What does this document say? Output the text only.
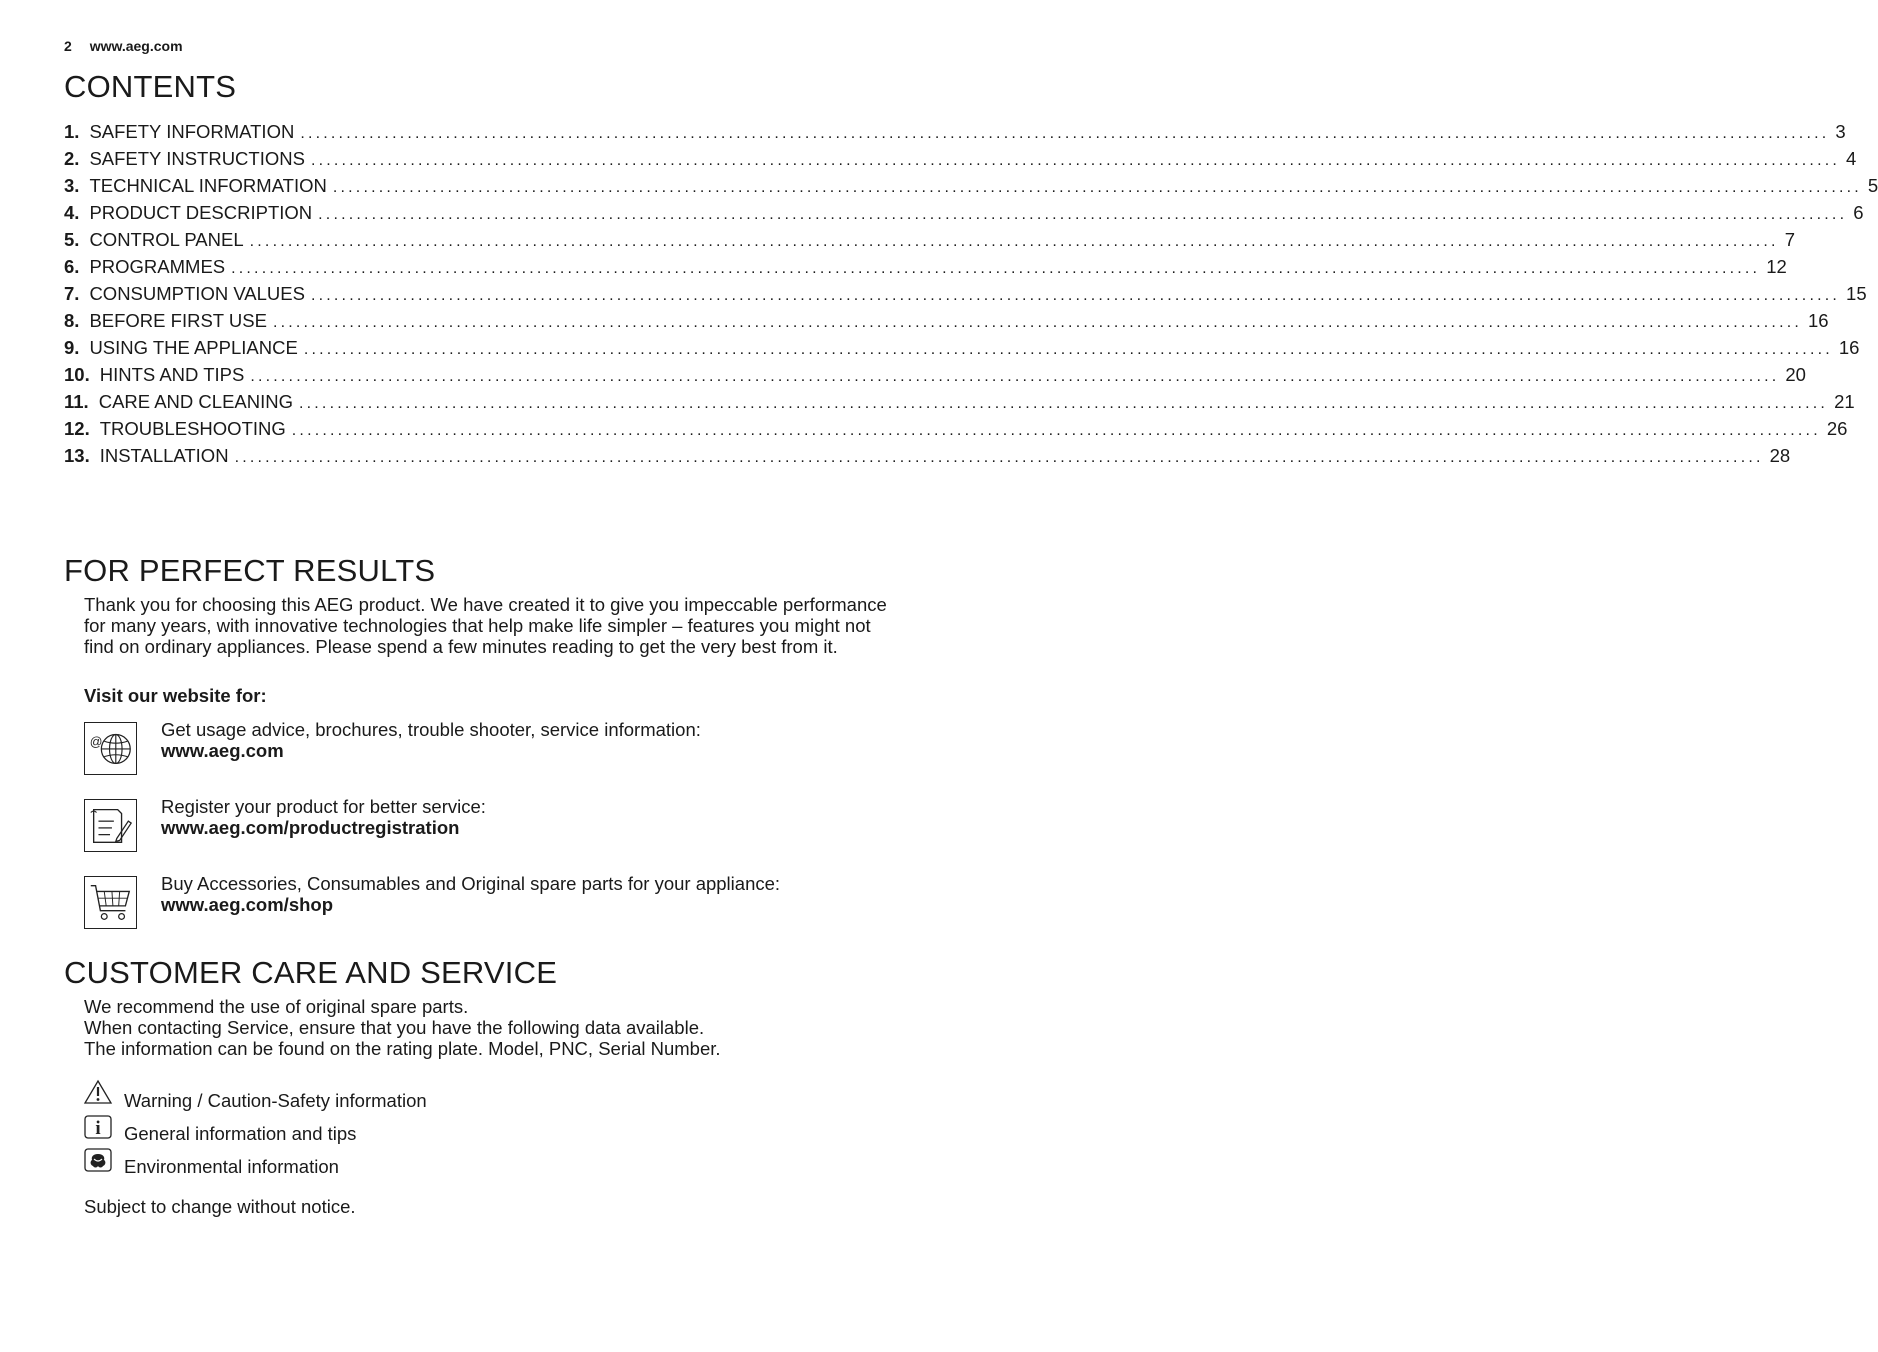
2 www.aeg.com
CONTENTS
1. SAFETY INFORMATION ........................................................................................................................................................................................................ 3
2. SAFETY INSTRUCTIONS ........................................................................................................................................................................................................ 4
3. TECHNICAL INFORMATION ........................................................................................................................................................................................................ 5
4. PRODUCT DESCRIPTION ........................................................................................................................................................................................................ 6
5. CONTROL PANEL ........................................................................................................................................................................................................ 7
6. PROGRAMMES ........................................................................................................................................................................................................ 12
7. CONSUMPTION VALUES ........................................................................................................................................................................................................ 15
8. BEFORE FIRST USE ........................................................................................................................................................................................................ 16
9. USING THE APPLIANCE ........................................................................................................................................................................................................ 16
10. HINTS AND TIPS ........................................................................................................................................................................................................ 20
11. CARE AND CLEANING ........................................................................................................................................................................................................ 21
12. TROUBLESHOOTING ........................................................................................................................................................................................................ 26
13. INSTALLATION ........................................................................................................................................................................................................ 28
FOR PERFECT RESULTS
Thank you for choosing this AEG product. We have created it to give you impeccable performance for many years, with innovative technologies that help make life simpler – features you might not find on ordinary appliances. Please spend a few minutes reading to get the very best from it.
Visit our website for:
@
Get usage advice, brochures, trouble shooter, service information:
www.aeg.com
Register your product for better service:
www.aeg.com/productregistration
Buy Accessories, Consumables and Original spare parts for your appliance:
www.aeg.com/shop
CUSTOMER CARE AND SERVICE
We recommend the use of original spare parts.
When contacting Service, ensure that you have the following data available.
The information can be found on the rating plate. Model, PNC, Serial Number.
Warning / Caution-Safety information
i General information and tips
Environmental information
Subject to change without notice.
